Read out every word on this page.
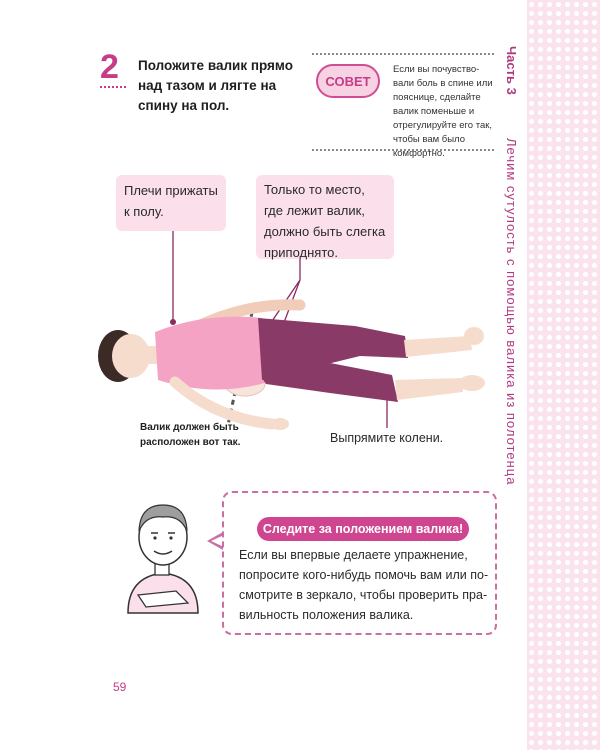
Часть 3
Лечим сутулость с помощью валика из полотенца
2 Положите валик прямо над тазом и лягте на спину на пол.
СОВЕТ
Если вы почувствовали боль в спине или пояснице, сделайте валик поменьше и отрегулируйте его так, чтобы вам было комфортно.
Плечи прижаты к полу.
Только то место, где лежит валик, должно быть слегка приподнято.
Валик должен быть расположен вот так.	Выпрямите колени.
Следите за положением валика!
Если вы впервые делаете упражнение, попросите кого-нибудь помочь вам или посмотрите в зеркало, чтобы проверить правильность положения валика.
59
